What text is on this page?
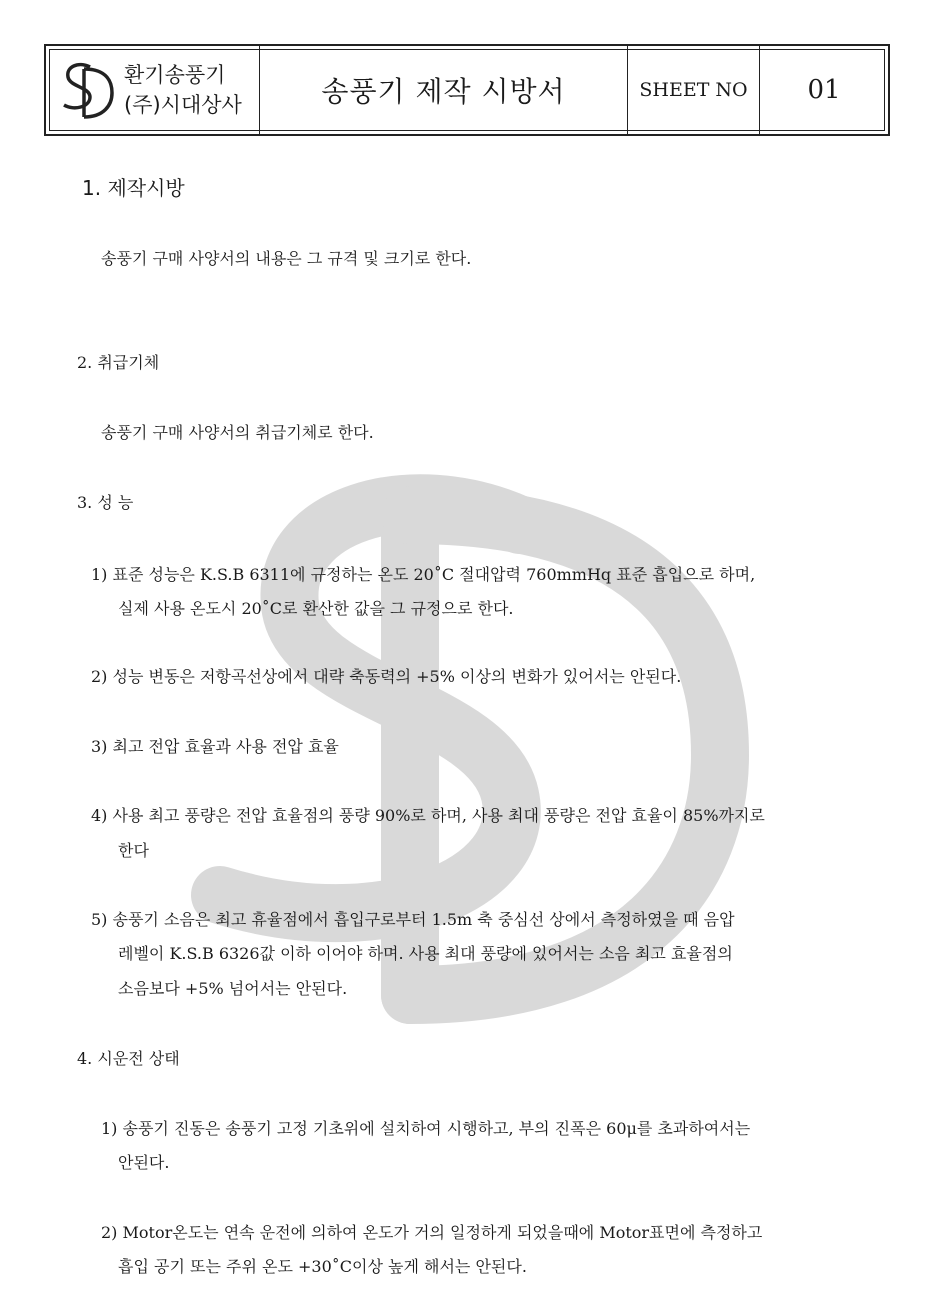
환기송풍기
(주)시대상사	송풍기 제작 시방서	SHEET NO	01
1. 제작시방
송풍기 구매 사양서의 내용은 그 규격 및 크기로 한다.
2. 취급기체
송풍기 구매 사양서의 취급기체로 한다.
3. 성 능
1) 표준 성능은 K.S.B 6311에 규정하는 온도 20˚C 절대압력 760mmHq 표준 흡입으로 하며,
실제 사용 온도시 20˚C로 환산한 값을 그 규정으로 한다.
2) 성능 변동은 저항곡선상에서 대략 축동력의 +5% 이상의 변화가 있어서는 안된다.
3) 최고 전압 효율과 사용 전압 효율
4) 사용 최고 풍량은 전압 효율점의 풍량 90%로 하며, 사용 최대 풍량은 전압 효율이 85%까지로
한다
5) 송풍기 소음은 최고 휴율점에서 흡입구로부터 1.5m 축 중심선 상에서 측정하였을 때 음압
레벨이 K.S.B 6326값 이하 이어야 하며. 사용 최대 풍량에 있어서는 소음 최고 효율점의
소음보다 +5% 넘어서는 안된다.
4. 시운전 상태
1) 송풍기 진동은 송풍기 고정 기초위에 설치하여 시행하고, 부의 진폭은 60μ를 초과하여서는
안된다.
2) Motor온도는 연속 운전에 의하여 온도가 거의 일정하게 되었을때에 Motor표면에 측정하고
흡입 공기 또는 주위 온도 +30˚C이상 높게 해서는 안된다.
